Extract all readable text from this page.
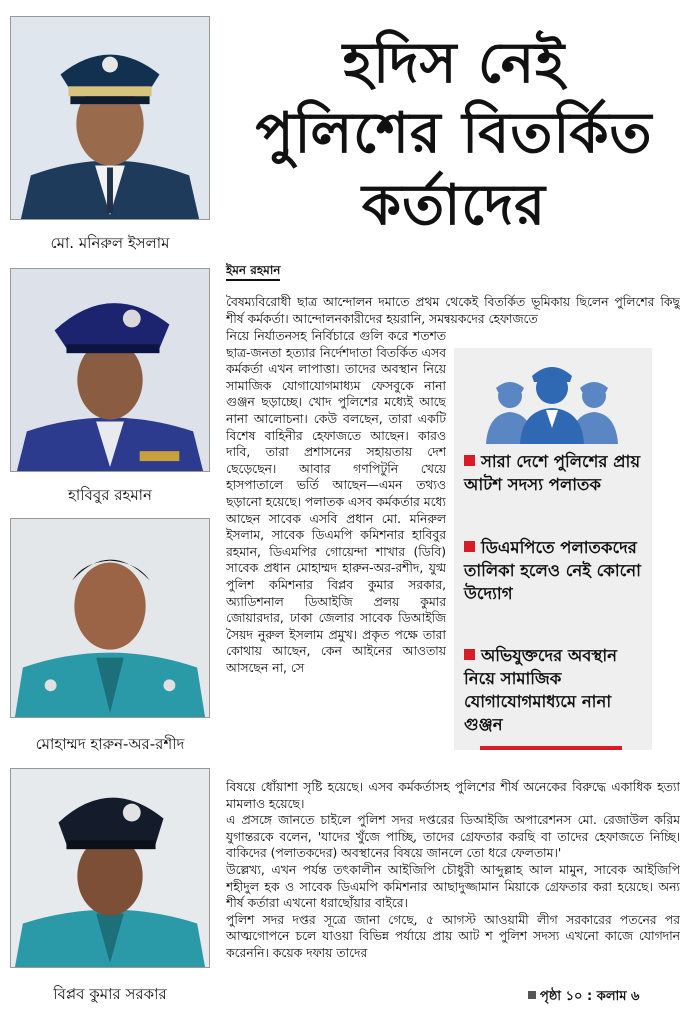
মো. মনিরুল ইসলাম
হাবিবুর রহমান
মোহাম্মদ হারুন-অর-রশীদ
বিপ্লব কুমার সরকার
হদিস নেই
পুলিশের বিতর্কিত
কর্তাদের
ইমন রহমান

বৈষম্যবিরোধী ছাত্র আন্দোলন দমাতে প্রথম থেকেই বিতর্কিত ভূমিকায় ছিলেন পুলিশের কিছু শীর্ষ কর্মকর্তা। আন্দোলনকারীদের হয়রানি, সমন্বয়কদের হেফাজতে

নিয়ে নির্যাতনসহ নির্বিচারে গুলি করে শতশত ছাত্র-জনতা হত্যার নির্দেশদাতা বিতর্কিত এসব কর্মকর্তা এখন লাপাত্তা। তাদের অবস্থান নিয়ে সামাজিক যোগাযোগমাধ্যম ফেসবুকে নানা গুঞ্জন ছড়াচ্ছে। খোদ পুলিশের মধ্যেই আছে নানা আলোচনা। কেউ বলছেন, তারা একটি বিশেষ বাহিনীর হেফাজতে আছেন। কারও দাবি, তারা প্রশাসনের সহায়তায় দেশ ছেড়েছেন। আবার গণপিটুনি খেয়ে হাসপাতালে ভর্তি আছেন—এমন তথ্যও ছড়ানো হয়েছে। পলাতক এসব কর্মকর্তার মধ্যে আছেন সাবেক এসবি প্রধান মো. মনিরুল ইসলাম, সাবেক ডিএমপি কমিশনার হাবিবুর রহমান, ডিএমপির গোয়েন্দা শাখার (ডিবি) সাবেক প্রধান মোহাম্মদ হারুন-অর-রশীদ, যুগ্ম পুলিশ কমিশনার বিপ্লব কুমার সরকার, অ্যাডিশনাল ডিআইজি প্রলয় কুমার জোয়ারদার, ঢাকা জেলার সাবেক ডিআইজি সৈয়দ নুরুল ইসলাম প্রমুখ। প্রকৃত পক্ষে তারা কোথায় আছেন, কেন আইনের আওতায় আসছেন না, সে

বিষয়ে ধোঁয়াশা সৃষ্টি হয়েছে। এসব কর্মকর্তাসহ পুলিশের শীর্ষ অনেকের বিরুদ্ধে একাধিক হত্যা মামলাও হয়েছে।

এ প্রসঙ্গে জানতে চাইলে পুলিশ সদর দপ্তরের ডিআইজি অপারেশনস মো. রেজাউল করিম যুগান্তরকে বলেন, 'যাদের খুঁজে পাচ্ছি, তাদের গ্রেফতার করছি বা তাদের হেফাজতে নিচ্ছি। বাকিদের (পলাতকদের) অবস্থানের বিষয়ে জানলে তো ধরে ফেলতাম।'

উল্লেখ্য, এখন পর্যন্ত তৎকালীন আইজিপি চৌধুরী আব্দুল্লাহ আল মামুন, সাবেক আইজিপি শহীদুল হক ও সাবেক ডিএমপি কমিশনার আছাদুজ্জামান মিয়াকে গ্রেফতার করা হয়েছে। অন্য শীর্ষ কর্তারা এখনো ধরাছোঁয়ার বাইরে।

পুলিশ সদর দপ্তর সূত্রে জানা গেছে, ৫ আগস্ট আওয়ামী লীগ সরকারের পতনের পর আত্মগোপনে চলে যাওয়া বিভিন্ন পর্যায়ে প্রায় আট শ পুলিশ সদস্য এখনো কাজে যোগদান করেননি। কয়েক দফায় তাদের

সারা দেশে পুলিশের প্রায় আটশ সদস্য পলাতক
ডিএমপিতে পলাতকদের তালিকা হলেও নেই কোনো উদ্যোগ
অভিযুক্তদের অবস্থান নিয়ে সামাজিক যোগাযোগমাধ্যমে নানা গুঞ্জন
পৃষ্ঠা ১০ : কলাম ৬
